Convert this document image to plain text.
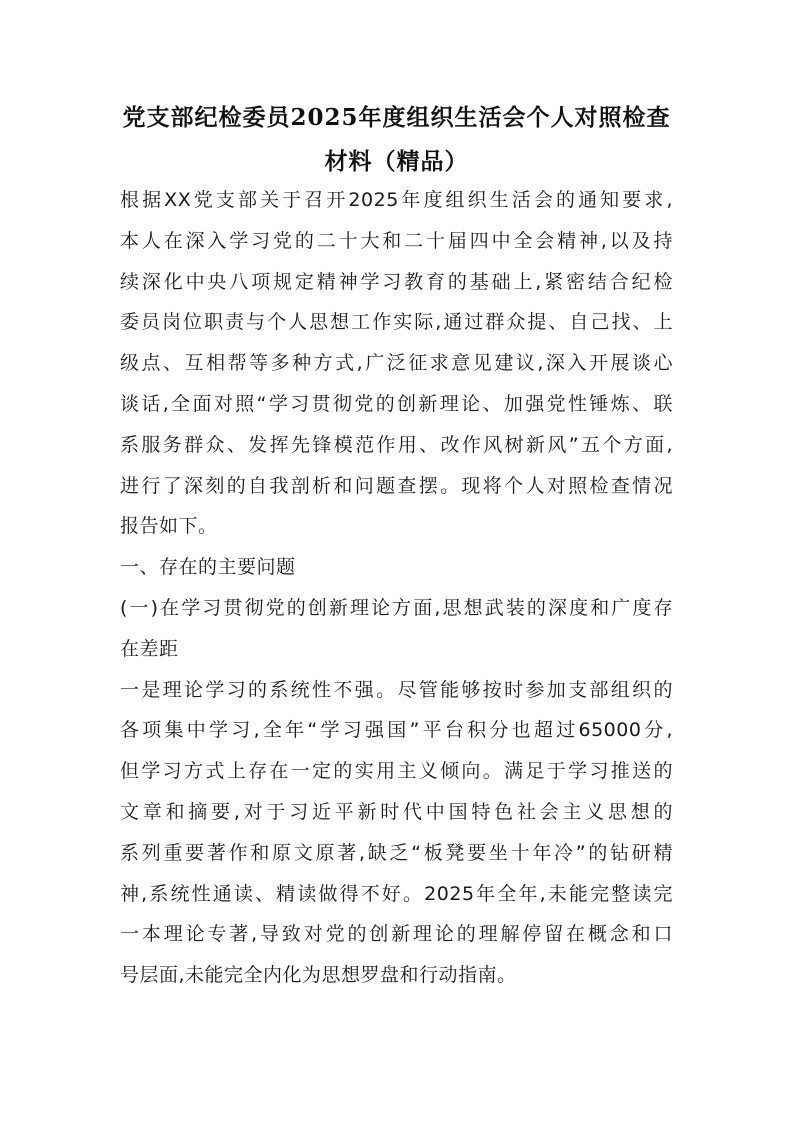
党支部纪检委员2025年度组织生活会个人对照检查
材料（精品）
根据XX党支部关于召开2025年度组织生活会的通知要求,
本人在深入学习党的二十大和二十届四中全会精神,以及持
续深化中央八项规定精神学习教育的基础上,紧密结合纪检
委员岗位职责与个人思想工作实际,通过群众提、自己找、上
级点、互相帮等多种方式,广泛征求意见建议,深入开展谈心
谈话,全面对照“学习贯彻党的创新理论、加强党性锤炼、联
系服务群众、发挥先锋模范作用、改作风树新风”五个方面,
进行了深刻的自我剖析和问题查摆。现将个人对照检查情况
报告如下。
一、存在的主要问题
(一)在学习贯彻党的创新理论方面,思想武装的深度和广度存
在差距
一是理论学习的系统性不强。尽管能够按时参加支部组织的
各项集中学习,全年“学习强国”平台积分也超过65000分,
但学习方式上存在一定的实用主义倾向。满足于学习推送的
文章和摘要,对于习近平新时代中国特色社会主义思想的
系列重要著作和原文原著,缺乏“板凳要坐十年冷”的钻研精
神,系统性通读、精读做得不好。2025年全年,未能完整读完
一本理论专著,导致对党的创新理论的理解停留在概念和口
号层面,未能完全内化为思想罗盘和行动指南。
